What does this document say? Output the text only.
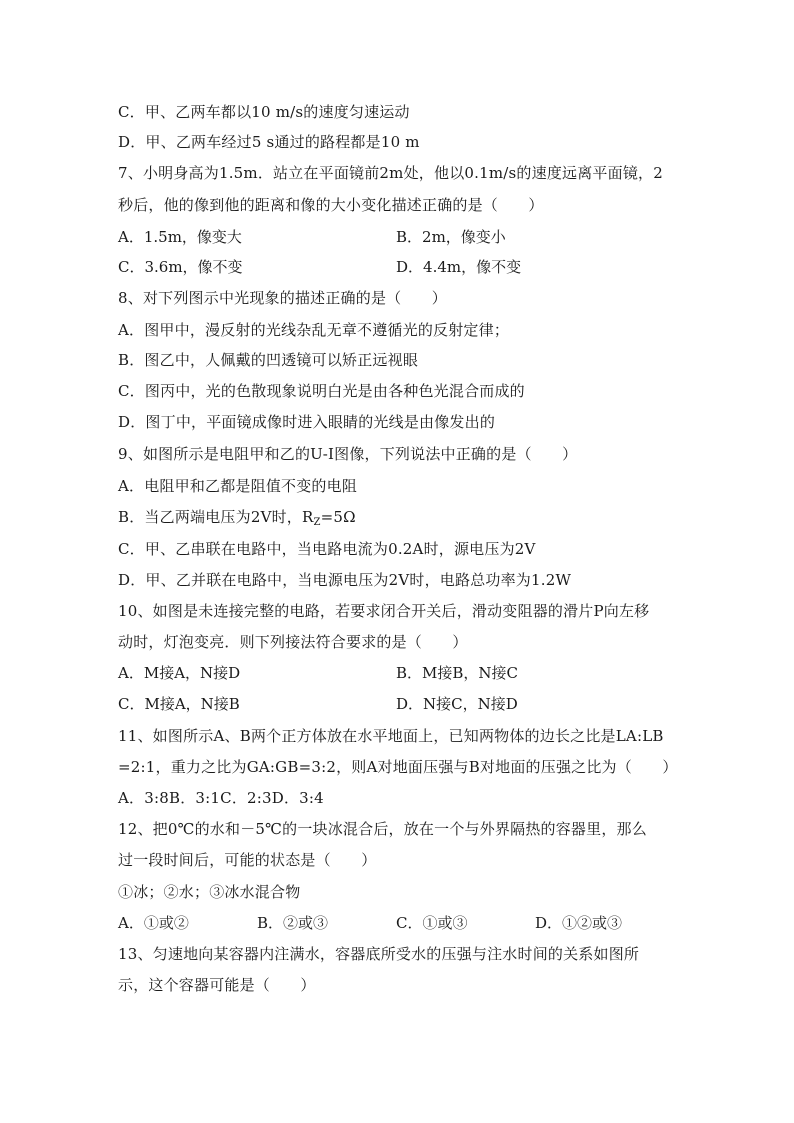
C．甲、乙两车都以10 m/s的速度匀速运动
D．甲、乙两车经过5 s通过的路程都是10 m
7、小明身高为1.5m．站立在平面镜前2m处，他以0.1m/s的速度远离平面镜，2
秒后，他的像到他的距离和像的大小变化描述正确的是（　　）
A．1.5m，像变大	B．2m，像变小
C．3.6m，像不变	D．4.4m，像不变
8、对下列图示中光现象的描述正确的是（　　）
A．图甲中，漫反射的光线杂乱无章不遵循光的反射定律；
B．图乙中，人佩戴的凹透镜可以矫正远视眼
C．图丙中，光的色散现象说明白光是由各种色光混合而成的
D．图丁中，平面镜成像时进入眼睛的光线是由像发出的
9、如图所示是电阻甲和乙的U-I图像，下列说法中正确的是（　　）
A．电阻甲和乙都是阻值不变的电阻
B．当乙两端电压为2V时，$R_Z=5\Omega$
C．甲、乙串联在电路中，当电路电流为0.2A时，源电压为2V
D．甲、乙并联在电路中，当电源电压为2V时，电路总功率为1.2W
10、如图是未连接完整的电路，若要求闭合开关后，滑动变阻器的滑片P向左移
动时，灯泡变亮．则下列接法符合要求的是（　　）
A．M接A，N接D	B．M接B，N接C
C．M接A，N接B	D．N接C，N接D
11、如图所示A、B两个正方体放在水平地面上，已知两物体的边长之比是LA:LB
=2:1，重力之比为GA:GB=3:2，则A对地面压强与B对地面的压强之比为（　　）
A．3:8B．3:1C．2:3D．3:4
12、把0℃的水和－5℃的一块冰混合后，放在一个与外界隔热的容器里，那么
过一段时间后，可能的状态是（　　）
①冰；②水；③冰水混合物
A．①或②	B．②或③	C．①或③	D．①②或③
13、匀速地向某容器内注满水，容器底所受水的压强与注水时间的关系如图所
示，这个容器可能是（　　）
